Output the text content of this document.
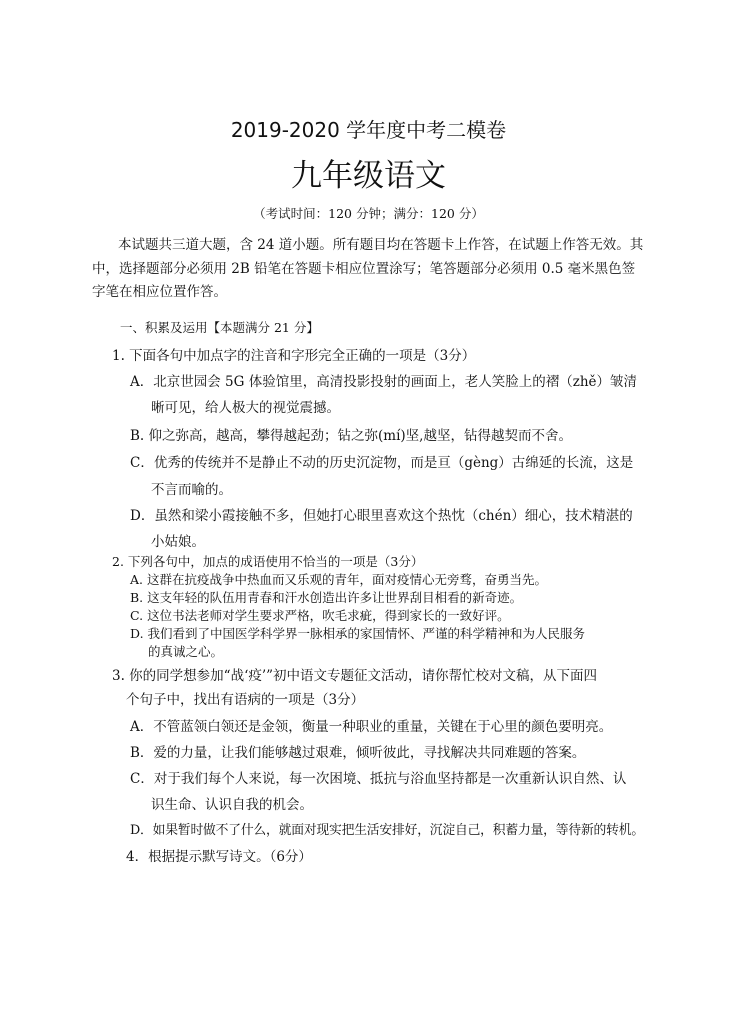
2019-2020 学年度中考二模卷
九年级语文
（考试时间：120 分钟；满分：120 分）
本试题共三道大题，含 24 道小题。所有题目均在答题卡上作答，在试题上作答无效。其
中，选择题部分必须用 2B 铅笔在答题卡相应位置涂写；笔答题部分必须用 0.5 毫米黑色签
字笔在相应位置作答。
一、积累及运用【本题满分 21 分】
1. 下面各句中加点字的注音和字形完全正确的一项是（3分）
A．北京世园会 5G 体验馆里，高清投影投射的画面上，老人笑脸上的褶（zhě）皱清
晰可见，给人极大的视觉震撼。
B. 仰之弥高，越高，攀得越起劲；钻之弥(mí)坚,越坚，钻得越契而不舍。
C．优秀的传统并不是静止不动的历史沉淀物，而是亘（gèng）古绵延的长流，这是
不言而喻的。
D．虽然和梁小霞接触不多，但她打心眼里喜欢这个热忱（chén）细心，技术精湛的
小姑娘。
2. 下列各句中，加点的成语使用不恰当的一项是（3分）
A. 这群在抗疫战争中热血而又乐观的青年，面对疫情心无旁骛，奋勇当先。
B. 这支年轻的队伍用青春和汗水创造出许多让世界刮目相看的新奇迹。
C. 这位书法老师对学生要求严格，吹毛求疵，得到家长的一致好评。
D. 我们看到了中国医学科学界一脉相承的家国情怀、严谨的科学精神和为人民服务
的真诚之心。
3. 你的同学想参加“战‘疫’”初中语文专题征文活动，请你帮忙校对文稿，从下面四
个句子中，找出有语病的一项是（3分）
A．不管蓝领白领还是金领，衡量一种职业的重量，关键在于心里的颜色要明亮。
B．爱的力量，让我们能够越过艰难，倾听彼此，寻找解决共同难题的答案。
C．对于我们每个人来说，每一次困境、抵抗与浴血坚持都是一次重新认识自然、认
识生命、认识自我的机会。
D．如果暂时做不了什么，就面对现实把生活安排好，沉淀自己，积蓄力量，等待新的转机。
4．根据提示默写诗文。（6分）
